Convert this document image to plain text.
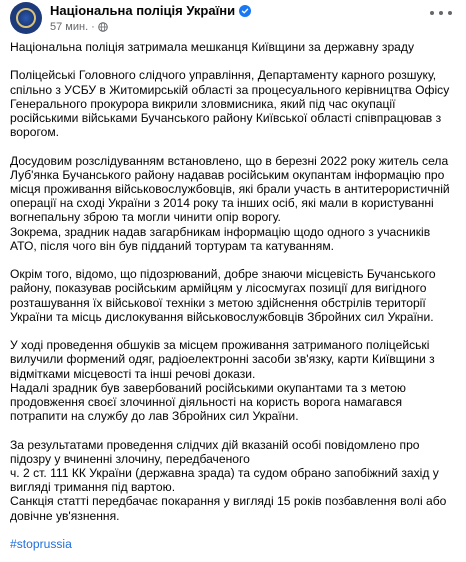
Національна поліція України
57 мин. ·

Національна поліція затримала мешканця Київщини за державну зраду

Поліцейські Головного слідчого управління, Департаменту карного розшуку, спільно з УСБУ в Житомирській області за процесуального керівництва Офісу Генерального прокурора викрили зловмисника, який під час окупації російськими військами Бучанського району Київської області співпрацював з ворогом.

Досудовим розслідуванням встановлено, що в березні 2022 року житель села Луб'янка Бучанського району надавав російським окупантам інформацію про місця проживання військовослужбовців, які брали участь в антитерористичній операції на сході України з 2014 року та інших осіб, які мали в користуванні вогнепальну зброю та могли чинити опір ворогу.

Зокрема, зрадник надав загарбникам інформацію щодо одного з учасників АТО, після чого він був підданий тортурам та катуванням.

Окрім того, відомо, що підозрюваний, добре знаючи місцевість Бучанського району, показував російським армійцям у лісосмугах позиції для вигідного розташування їх військової техніки з метою здійснення обстрілів території України та місць дислокування військовослужбовців Збройних сил України.

У ході проведення обшуків за місцем проживання затриманого поліцейські вилучили формений одяг, радіоелектронні засоби зв'язку, карти Київщини з відмітками місцевості та інші речові докази.

Надалі зрадник був завербований російськими окупантами та з метою продовження своєї злочинної діяльності на користь ворога намагався потрапити на службу до лав Збройних сил України.

За результатами проведення слідчих дій вказаній особі повідомлено про підозру у вчиненні злочину, передбаченого

ч. 2 ст. 111 КК України (державна зрада) та судом обрано запобіжний захід у вигляді тримання під вартою.

Санкція статті передбачає покарання у вигляді 15 років позбавлення волі або довічне ув'язнення.

#stoprussia
